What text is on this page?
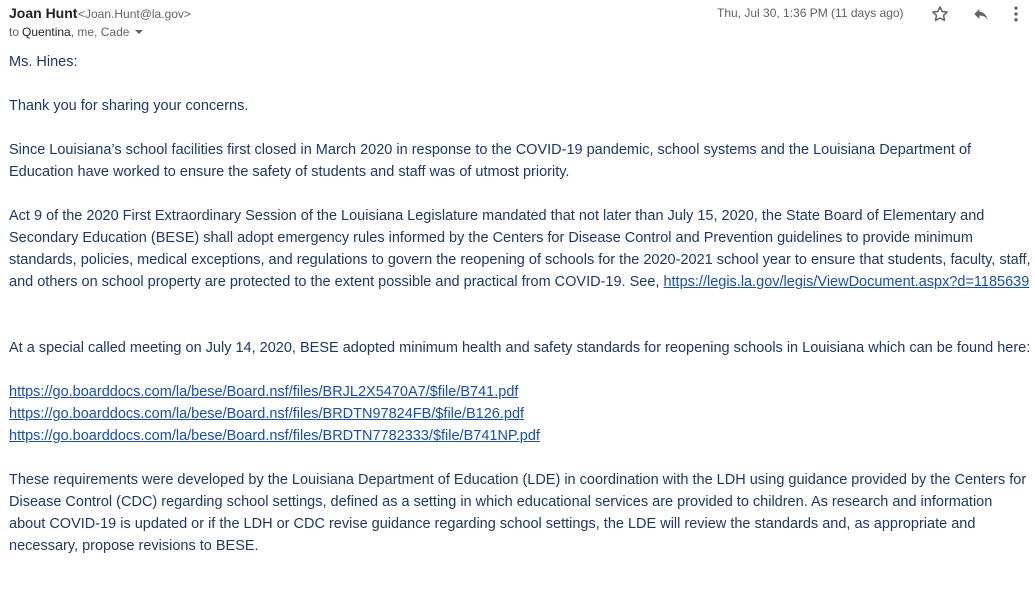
Joan Hunt <Joan.Hunt@la.gov>
to Quentina , me, Cade
Thu, Jul 30, 1:36 PM (11 days ago)

Ms. Hines:

Thank you for sharing your concerns.

Since Louisiana’s school facilities first closed in March 2020 in response to the COVID-19 pandemic, school systems and the Louisiana Department of Education have worked to ensure the safety of students and staff was of utmost priority.

Act 9 of the 2020 First Extraordinary Session of the Louisiana Legislature mandated that not later than July 15, 2020, the State Board of Elementary and Secondary Education (BESE) shall adopt emergency rules informed by the Centers for Disease Control and Prevention guidelines to provide minimum standards, policies, medical exceptions, and regulations to govern the reopening of schools for the 2020-2021 school year to ensure that students, faculty, staff, and others on school property are protected to the extent possible and practical from COVID-19. See, https://legis.la.gov/legis/ViewDocument.aspx?d=1185639

At a special called meeting on July 14, 2020, BESE adopted minimum health and safety standards for reopening schools in Louisiana which can be found here:

https://go.boarddocs.com/la/bese/Board.nsf/files/BRJL2X5470A7/$file/B741.pdf

https://go.boarddocs.com/la/bese/Board.nsf/files/BRDTN97824FB/$file/B126.pdf

https://go.boarddocs.com/la/bese/Board.nsf/files/BRDTN7782333/$file/B741NP.pdf

These requirements were developed by the Louisiana Department of Education (LDE) in coordination with the LDH using guidance provided by the Centers for Disease Control (CDC) regarding school settings, defined as a setting in which educational services are provided to children. As research and information about COVID-19 is updated or if the LDH or CDC revise guidance regarding school settings, the LDE will review the standards and, as appropriate and necessary, propose revisions to BESE.
